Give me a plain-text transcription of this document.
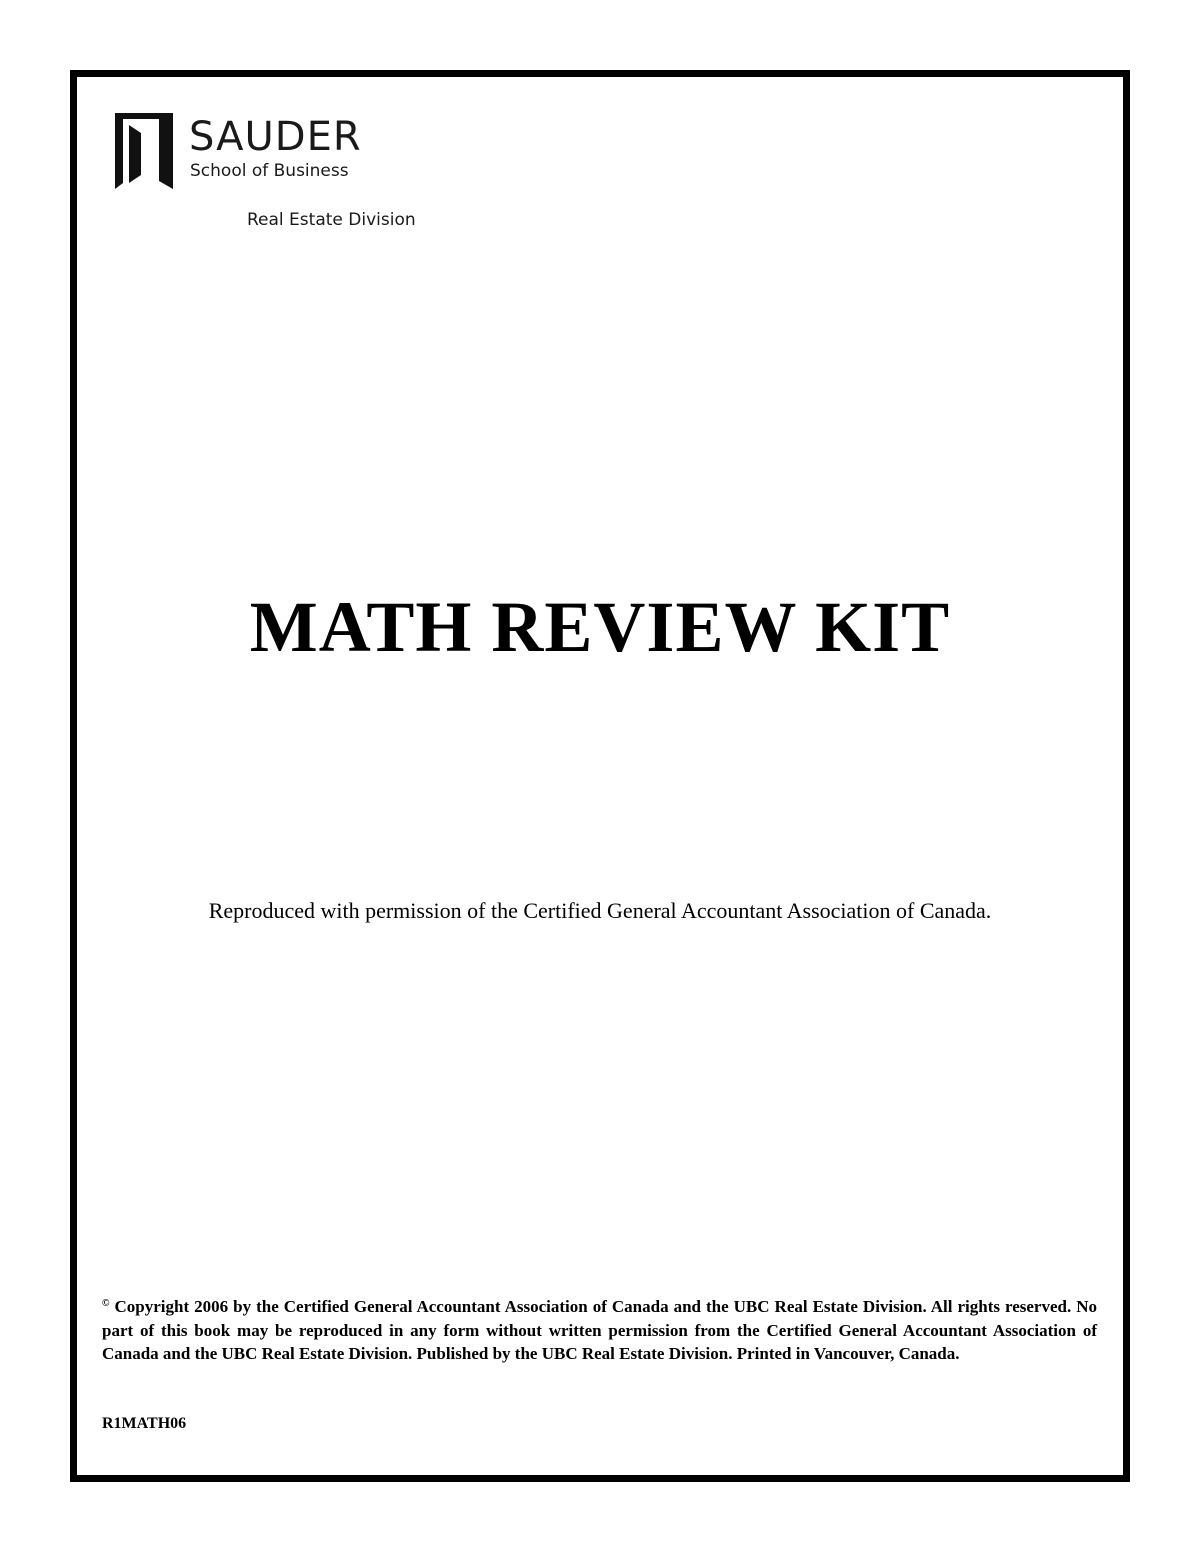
SAUDER
School of Business
Real Estate Division
MATH REVIEW KIT
Reproduced with permission of the Certified General Accountant Association of Canada.
© Copyright 2006 by the Certified General Accountant Association of Canada and the UBC Real Estate Division. All rights reserved. No part of this book may be reproduced in any form without written permission from the Certified General Accountant Association of Canada and the UBC Real Estate Division. Published by the UBC Real Estate Division. Printed in Vancouver, Canada.
R1MATH06
